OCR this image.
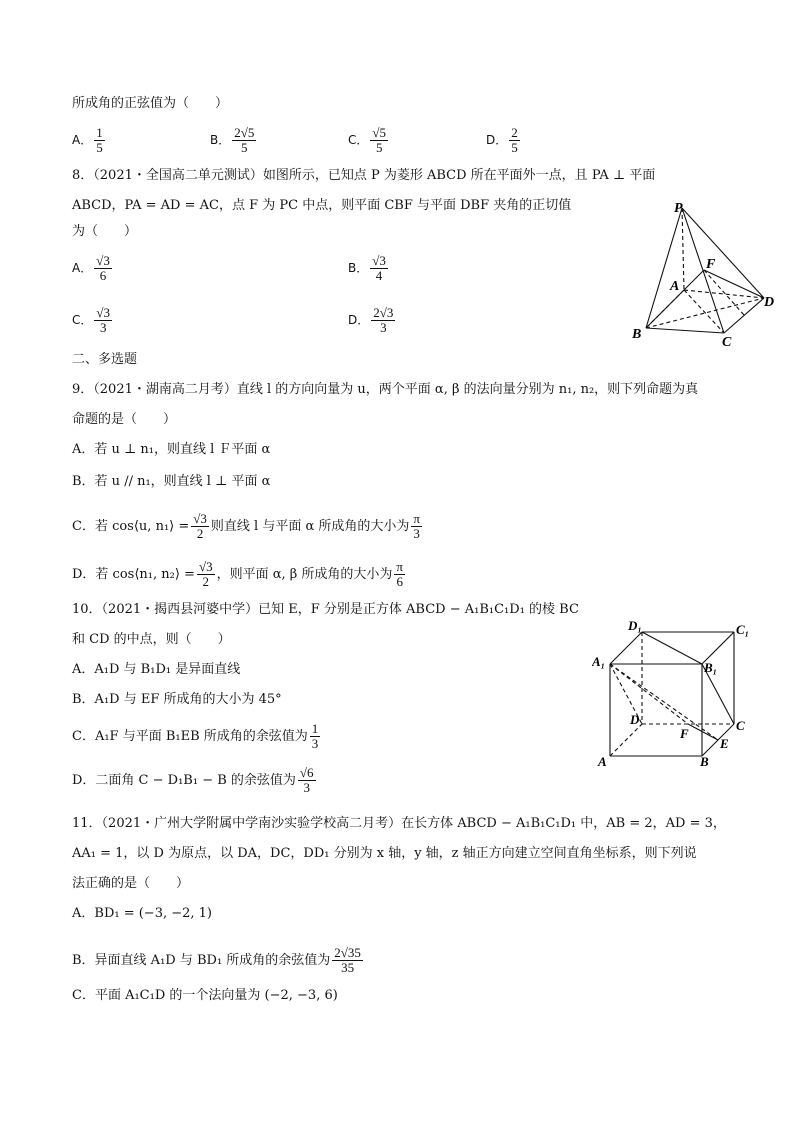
所成角的正弦值为（　　）
A． $\frac{1}{5}$	B． $\frac{2√5}{5}$	C． $\frac{√5}{5}$	D． $\frac{2}{5}$
8．（2021・全国高二单元测试）如图所示，已知点 P 为菱形 ABCD 所在平面外一点，且 PA ⊥ 平面
ABCD，PA = AD = AC，点 F 为 PC 中点，则平面 CBF 与平面 DBF 夹角的正切值
为（　　）
A． $\frac{√3}{6}$	B． $\frac{√3}{4}$
C． $\frac{√3}{3}$	D． $\frac{2√3}{3}$
P
F
A
D
B
C
二、多选题
9．（2021・湖南高二月考）直线 l 的方向向量为 u，两个平面 α, β 的法向量分别为 n₁, n₂，则下列命题为真
命题的是（　　）
A．若 u ⊥ n₁，则直线 l Ｆ平面 α
B．若 u // n₁，则直线 l ⊥ 平面 α
C．若 cos⟨u, n₁⟩ = $\frac{√3}{2}$ 则直线 l 与平面 α 所成角的大小为 $\frac{\pi}{3}$
D．若 cos⟨n₁, n₂⟩ = $\frac{√3}{2}$ ，则平面 α, β 所成角的大小为 $\frac{\pi}{6}$
10．（2021・揭西县河婆中学）已知 E，F 分别是正方体 ABCD − A₁B₁C₁D₁ 的棱 BC
和 CD 的中点，则（　　）
A．A₁D 与 B₁D₁ 是异面直线
B．A₁D 与 EF 所成角的大小为 45°
C．A₁F 与平面 B₁EB 所成角的余弦值为 $\frac{1}{3}$
D．二面角 C − D₁B₁ − B 的余弦值为 $\frac{√6}{3}$
D₁	C₁
A₁	B₁
D
F
C
E
A	B
11．（2021・广州大学附属中学南沙实验学校高二月考）在长方体 ABCD − A₁B₁C₁D₁ 中，AB = 2，AD = 3，
AA₁ = 1，以 D 为原点，以 DA，DC，DD₁ 分别为 x 轴，y 轴，z 轴正方向建立空间直角坐标系，则下列说
法正确的是（　　）
A．BD₁ = (−3, −2, 1)
B．异面直线 A₁D 与 BD₁ 所成角的余弦值为 $\frac{2√35}{35}$
C．平面 A₁C₁D 的一个法向量为 (−2, −3, 6)
